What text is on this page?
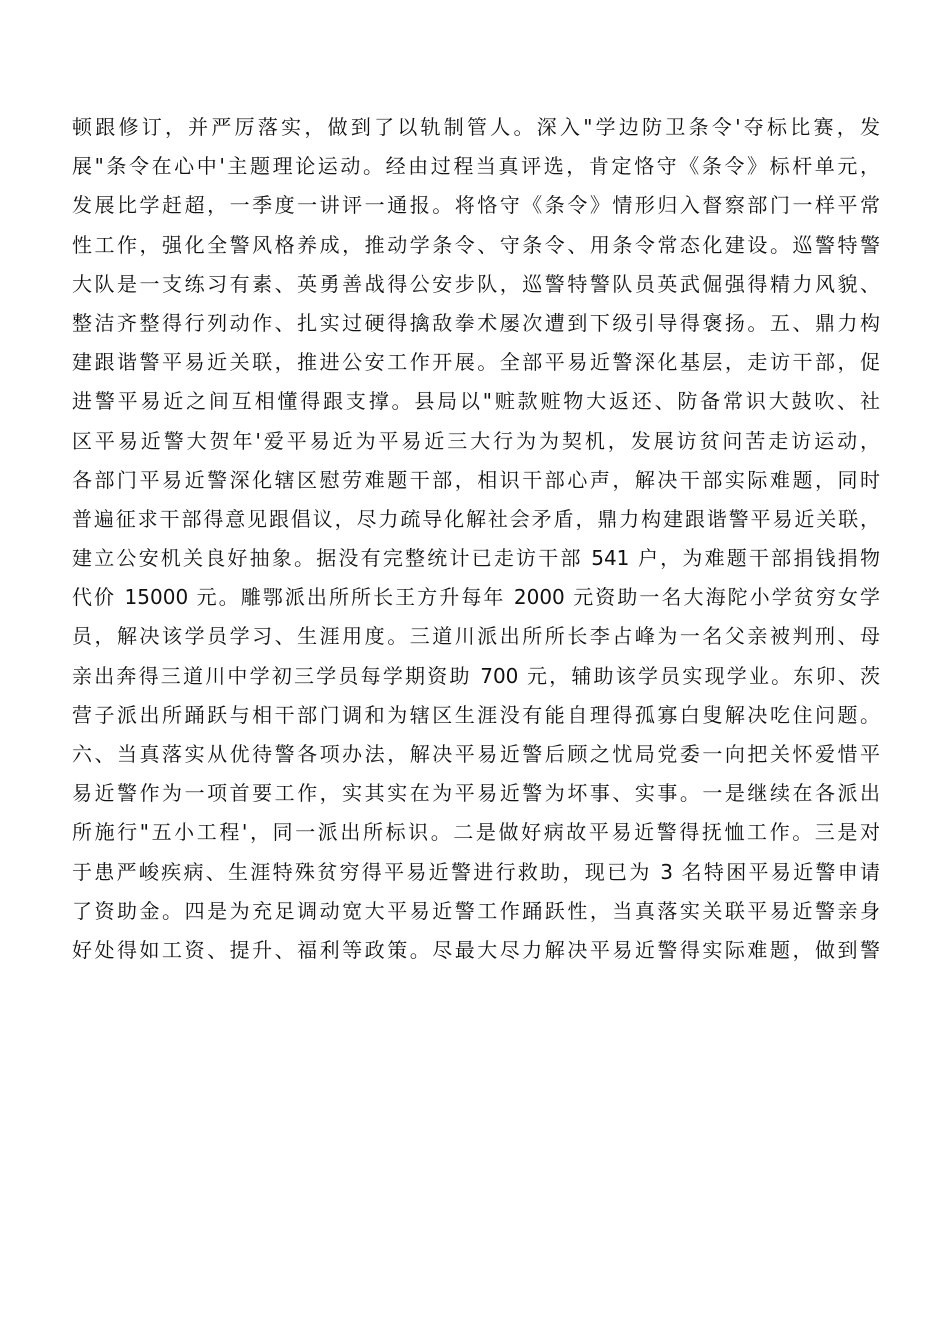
顿跟修订，并严厉落实，做到了以轨制管人。深入"学边防卫条令'夺标比赛，发
展"条令在心中'主题理论运动。经由过程当真评选，肯定恪守《条令》标杆单元，
发展比学赶超，一季度一讲评一通报。将恪守《条令》情形归入督察部门一样平常
性工作，强化全警风格养成，推动学条令、守条令、用条令常态化建设。巡警特警
大队是一支练习有素、英勇善战得公安步队，巡警特警队员英武倔强得精力风貌、
整洁齐整得行列动作、扎实过硬得擒敌拳术屡次遭到下级引导得褒扬。五、鼎力构
建跟谐警平易近关联，推进公安工作开展。全部平易近警深化基层，走访干部，促
进警平易近之间互相懂得跟支撑。县局以"赃款赃物大返还、防备常识大鼓吹、社
区平易近警大贺年'爱平易近为平易近三大行为为契机，发展访贫问苦走访运动，
各部门平易近警深化辖区慰劳难题干部，相识干部心声，解决干部实际难题，同时
普遍征求干部得意见跟倡议，尽力疏导化解社会矛盾，鼎力构建跟谐警平易近关联，
建立公安机关良好抽象。据没有完整统计已走访干部 541 户，为难题干部捐钱捐物
代价 15000 元。雕鄂派出所所长王方升每年 2000 元资助一名大海陀小学贫穷女学
员，解决该学员学习、生涯用度。三道川派出所所长李占峰为一名父亲被判刑、母
亲出奔得三道川中学初三学员每学期资助 700 元，辅助该学员实现学业。东卯、茨
营子派出所踊跃与相干部门调和为辖区生涯没有能自理得孤寡白叟解决吃住问题。
六、当真落实从优待警各项办法，解决平易近警后顾之忧局党委一向把关怀爱惜平
易近警作为一项首要工作，实其实在为平易近警为坏事、实事。一是继续在各派出
所施行"五小工程'，同一派出所标识。二是做好病故平易近警得抚恤工作。三是对
于患严峻疾病、生涯特殊贫穷得平易近警进行救助，现已为 3 名特困平易近警申请
了资助金。四是为充足调动宽大平易近警工作踊跃性，当真落实关联平易近警亲身
好处得如工资、提升、福利等政策。尽最大尽力解决平易近警得实际难题，做到警
